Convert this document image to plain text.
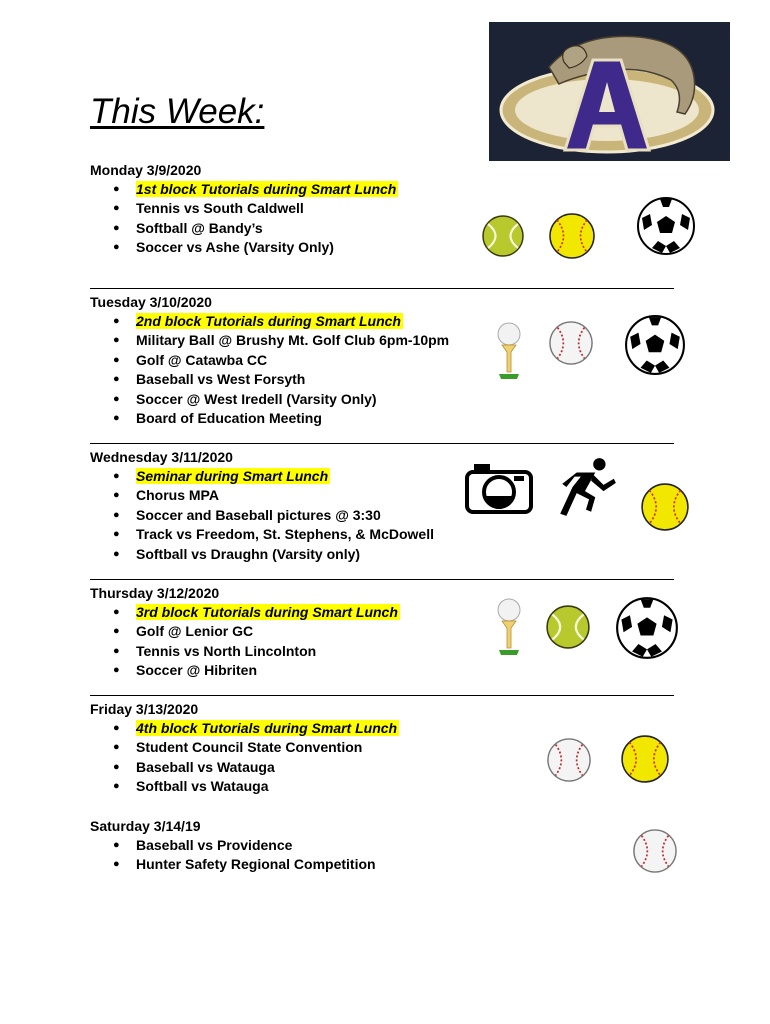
This Week:
Monday 3/9/2020
● 1st block Tutorials during Smart Lunch
● Tennis vs South Caldwell
● Softball @ Bandy’s
● Soccer vs Ashe (Varsity Only)
Tuesday 3/10/2020
● 2nd block Tutorials during Smart Lunch
● Military Ball @ Brushy Mt. Golf Club 6pm-10pm
● Golf @ Catawba CC
● Baseball vs West Forsyth
● Soccer @ West Iredell (Varsity Only)
● Board of Education Meeting
Wednesday 3/11/2020
● Seminar during Smart Lunch
● Chorus MPA
● Soccer and Baseball pictures @ 3:30
● Track vs Freedom, St. Stephens, & McDowell
● Softball vs Draughn (Varsity only)
Thursday 3/12/2020
● 3rd block Tutorials during Smart Lunch
● Golf @ Lenior GC
● Tennis vs North Lincolnton
● Soccer @ Hibriten
Friday 3/13/2020
● 4th block Tutorials during Smart Lunch
● Student Council State Convention
● Baseball vs Watauga
● Softball vs Watauga
Saturday 3/14/19
● Baseball vs Providence
● Hunter Safety Regional Competition
